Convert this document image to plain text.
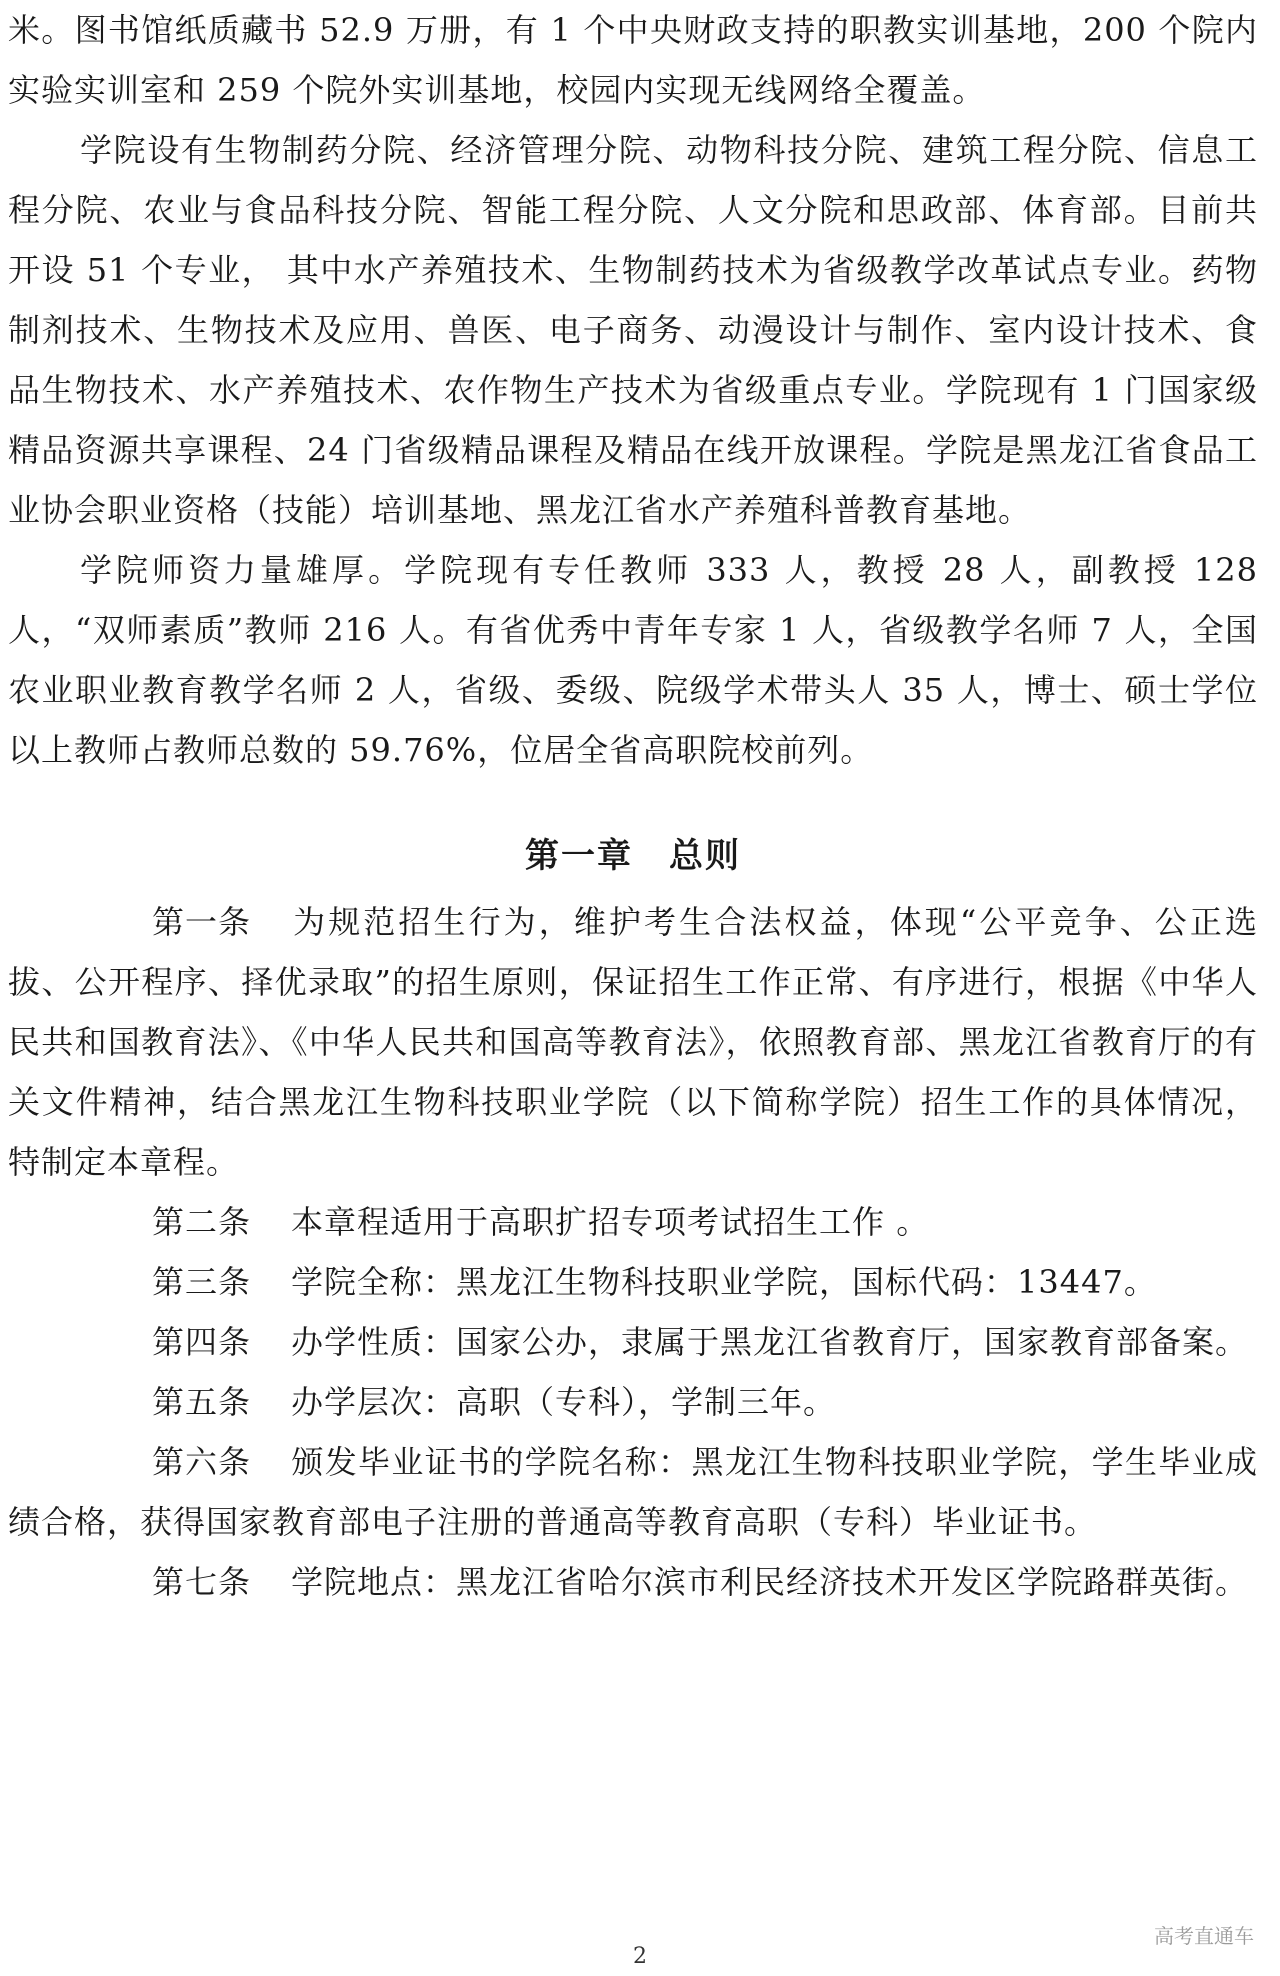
米。图书馆纸质藏书 52.9 万册，有 1 个中央财政支持的职教实训基地，200 个院内实验实训室和 259 个院外实训基地，校园内实现无线网络全覆盖。

学院设有生物制药分院、经济管理分院、动物科技分院、建筑工程分院、信息工程分院、农业与食品科技分院、智能工程分院、人文分院和思政部、体育部。目前共开设 51 个专业， 其中水产养殖技术、生物制药技术为省级教学改革试点专业。药物制剂技术、生物技术及应用、兽医、电子商务、动漫设计与制作、室内设计技术、食品生物技术、水产养殖技术、农作物生产技术为省级重点专业。学院现有 1 门国家级精品资源共享课程、24 门省级精品课程及精品在线开放课程。学院是黑龙江省食品工业协会职业资格（技能）培训基地、黑龙江省水产养殖科普教育基地。

学院师资力量雄厚。学院现有专任教师 333 人，教授 28 人，副教授 128 人，“双师素质”教师 216 人。有省优秀中青年专家 1 人，省级教学名师 7 人，全国农业职业教育教学名师 2 人，省级、委级、院级学术带头人 35 人，博士、硕士学位以上教师占教师总数的 59.76%，位居全省高职院校前列。

第一章 总则

第一条 为规范招生行为，维护考生合法权益，体现“公平竞争、公正选拔、公开程序、择优录取”的招生原则，保证招生工作正常、有序进行，根据《中华人民共和国教育法》、《中华人民共和国高等教育法》，依照教育部、黑龙江省教育厅的有关文件精神，结合黑龙江生物科技职业学院（以下简称学院）招生工作的具体情况，特制定本章程。

第二条 本章程适用于高职扩招专项考试招生工作 。

第三条 学院全称：黑龙江生物科技职业学院，国标代码：13447。

第四条 办学性质：国家公办，隶属于黑龙江省教育厅，国家教育部备案。

第五条 办学层次：高职（专科），学制三年。

第六条 颁发毕业证书的学院名称：黑龙江生物科技职业学院，学生毕业成绩合格，获得国家教育部电子注册的普通高等教育高职（专科）毕业证书。

第七条 学院地点：黑龙江省哈尔滨市利民经济技术开发区学院路群英街。

高考直通车
2
